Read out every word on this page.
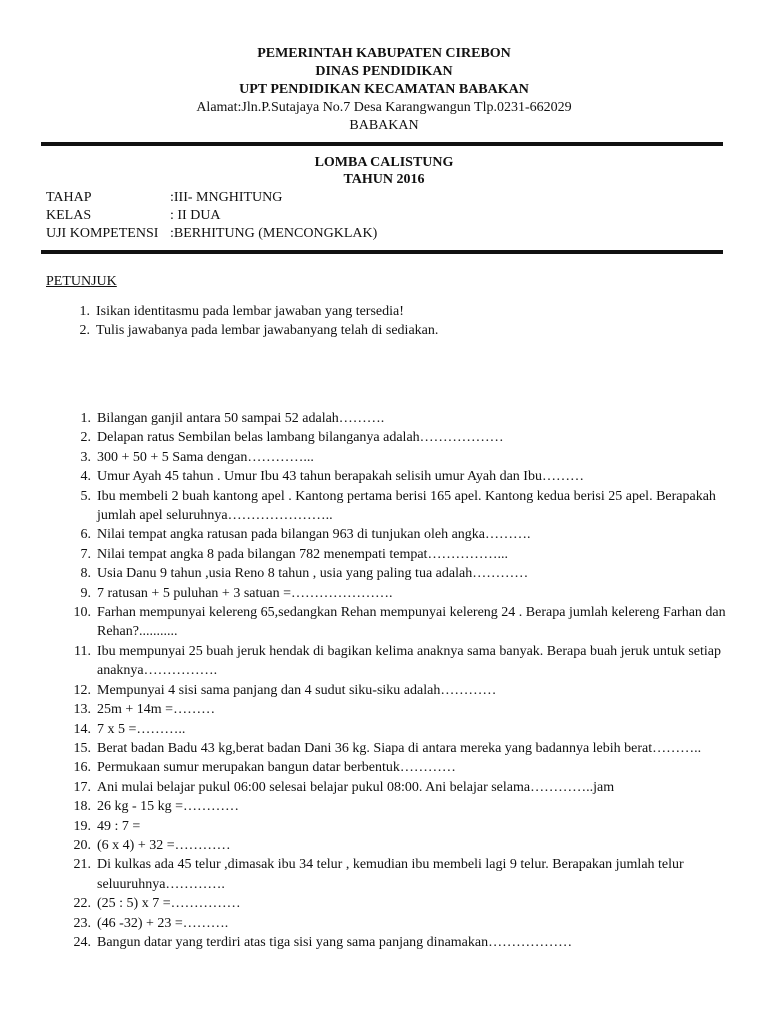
PEMERINTAH KABUPATEN CIREBON
DINAS PENDIDIKAN
UPT PENDIDIKAN KECAMATAN BABAKAN
Alamat:Jln.P.Sutajaya No.7 Desa Karangwangun Tlp.0231-662029
BABAKAN
LOMBA CALISTUNG
TAHUN 2016
TAHAP	:III- MNGHITUNG
KELAS	: II DUA
UJI KOMPETENSI :BERHITUNG (MENCONGKLAK)
PETUNJUK
1. Isikan identitasmu pada lembar jawaban yang tersedia!
2. Tulis jawabanya pada lembar jawabanyang telah di sediakan.
1. Bilangan ganjil antara 50 sampai 52 adalah……….
2. Delapan ratus Sembilan belas lambang bilanganya adalah………………
3. 300 + 50 + 5 Sama dengan…………...
4. Umur Ayah 45 tahun . Umur Ibu 43 tahun berapakah selisih umur Ayah dan Ibu………
5. Ibu membeli 2 buah kantong apel . Kantong pertama berisi 165 apel. Kantong kedua berisi 25 apel. Berapakah jumlah apel seluruhnya…………………..
6. Nilai tempat angka ratusan pada bilangan 963 di tunjukan oleh angka……….
7. Nilai tempat angka 8 pada bilangan 782 menempati tempat……………...
8. Usia Danu 9 tahun ,usia Reno 8 tahun , usia yang paling tua adalah…………
9. 7 ratusan + 5 puluhan + 3 satuan =………………….
10. Farhan mempunyai kelereng 65,sedangkan Rehan mempunyai kelereng 24 . Berapa jumlah kelereng Farhan dan Rehan?...........
11. Ibu mempunyai 25 buah jeruk hendak di bagikan kelima anaknya sama banyak. Berapa buah jeruk untuk setiap anaknya…………….
12. Mempunyai 4 sisi sama panjang dan 4 sudut siku-siku adalah…………
13. 25m + 14m =………
14. 7 x 5 =………..
15. Berat badan Badu 43 kg,berat badan Dani 36 kg. Siapa di antara mereka yang badannya lebih berat………..
16. Permukaan sumur merupakan bangun datar berbentuk…………
17. Ani mulai belajar pukul 06:00 selesai belajar pukul 08:00. Ani belajar selama…………..jam
18. 26 kg - 15 kg =…………
19. 49 : 7 =
20. (6 x 4) + 32 =…………
21. Di kulkas ada 45 telur ,dimasak ibu 34 telur , kemudian ibu membeli lagi 9 telur. Berapakan jumlah telur seluuruhnya………….
22. (25 : 5) x 7 =……………
23. (46 -32) + 23 =……….
24. Bangun datar yang terdiri atas tiga sisi yang sama panjang dinamakan………………
